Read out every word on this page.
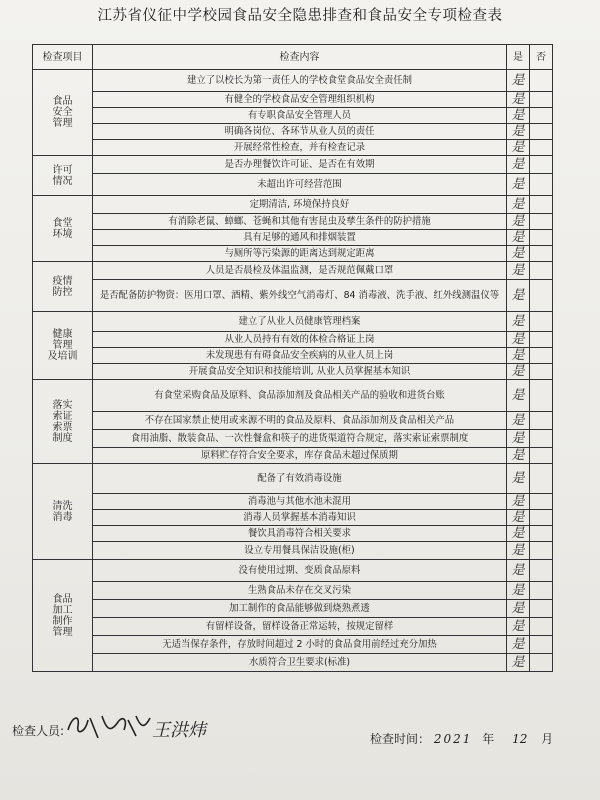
江苏省仪征中学校园食品安全隐患排查和食品安全专项检查表
检查项目	检查内容	是	否

食品
安全
管理	建立了以校长为第一责任人的学校食堂食品安全责任制	是	
	有健全的学校食品安全管理组织机构	是	
	有专职食品安全管理人员	是	
	明确各岗位、各环节从业人员的责任	是	
	开展经常性检查，并有检查记录	是	

许可
情况	是否办理餐饮许可证、是否在有效期	是	
	未超出许可经营范围	是	

食堂
环境	定期清洁, 环境保持良好	是	
	有消除老鼠、蟑螂、苍蝇和其他有害昆虫及孳生条件的防护措施	是	
	具有足够的通风和排烟装置	是	
	与厕所等污染源的距离达到规定距离	是	

疫情
防控	人员是否晨检及体温监测，是否规范佩戴口罩	是	
	是否配备防护物资：医用口罩、酒精、紫外线空气消毒灯、84 消毒液、洗手液、红外线测温仪等	是	

健康
管理
及培训	建立了从业人员健康管理档案	是	
	从业人员持有有效的体检合格证上岗	是	
	未发现患有有碍食品安全疾病的从业人员上岗	是	
	开展食品安全知识和技能培训, 从业人员掌握基本知识	是	

落实
索证
索票
制度	有食堂采购食品及原料、食品添加剂及食品相关产品的验收和进货台账	是	
	不存在国家禁止使用或来源不明的食品及原料、食品添加剂及食品相关产品	是	
	食用油脂、散装食品、一次性餐盒和筷子的进货渠道符合规定，落实索证索票制度	是	
	原料贮存符合安全要求，库存食品未超过保质期	是	

清洗
消毒	配备了有效消毒设施	是	
	消毒池与其他水池未混用	是	
	消毒人员掌握基本消毒知识	是	
	餐饮具消毒符合相关要求	是	
	设立专用餐具保洁设施(柜)	是	

食品
加工
制作
管理	没有使用过期、变质食品原料	是	
	生熟食品未存在交叉污染	是	
	加工制作的食品能够做到烧熟煮透	是	
	有留样设备，留样设备正常运转，按规定留样	是	
	无适当保存条件，存放时间超过 2 小时的食品食用前经过充分加热	是	
	水质符合卫生要求(标准)	是	
检查人员:	王洪炜	检查时间： 2021 年 12 月
